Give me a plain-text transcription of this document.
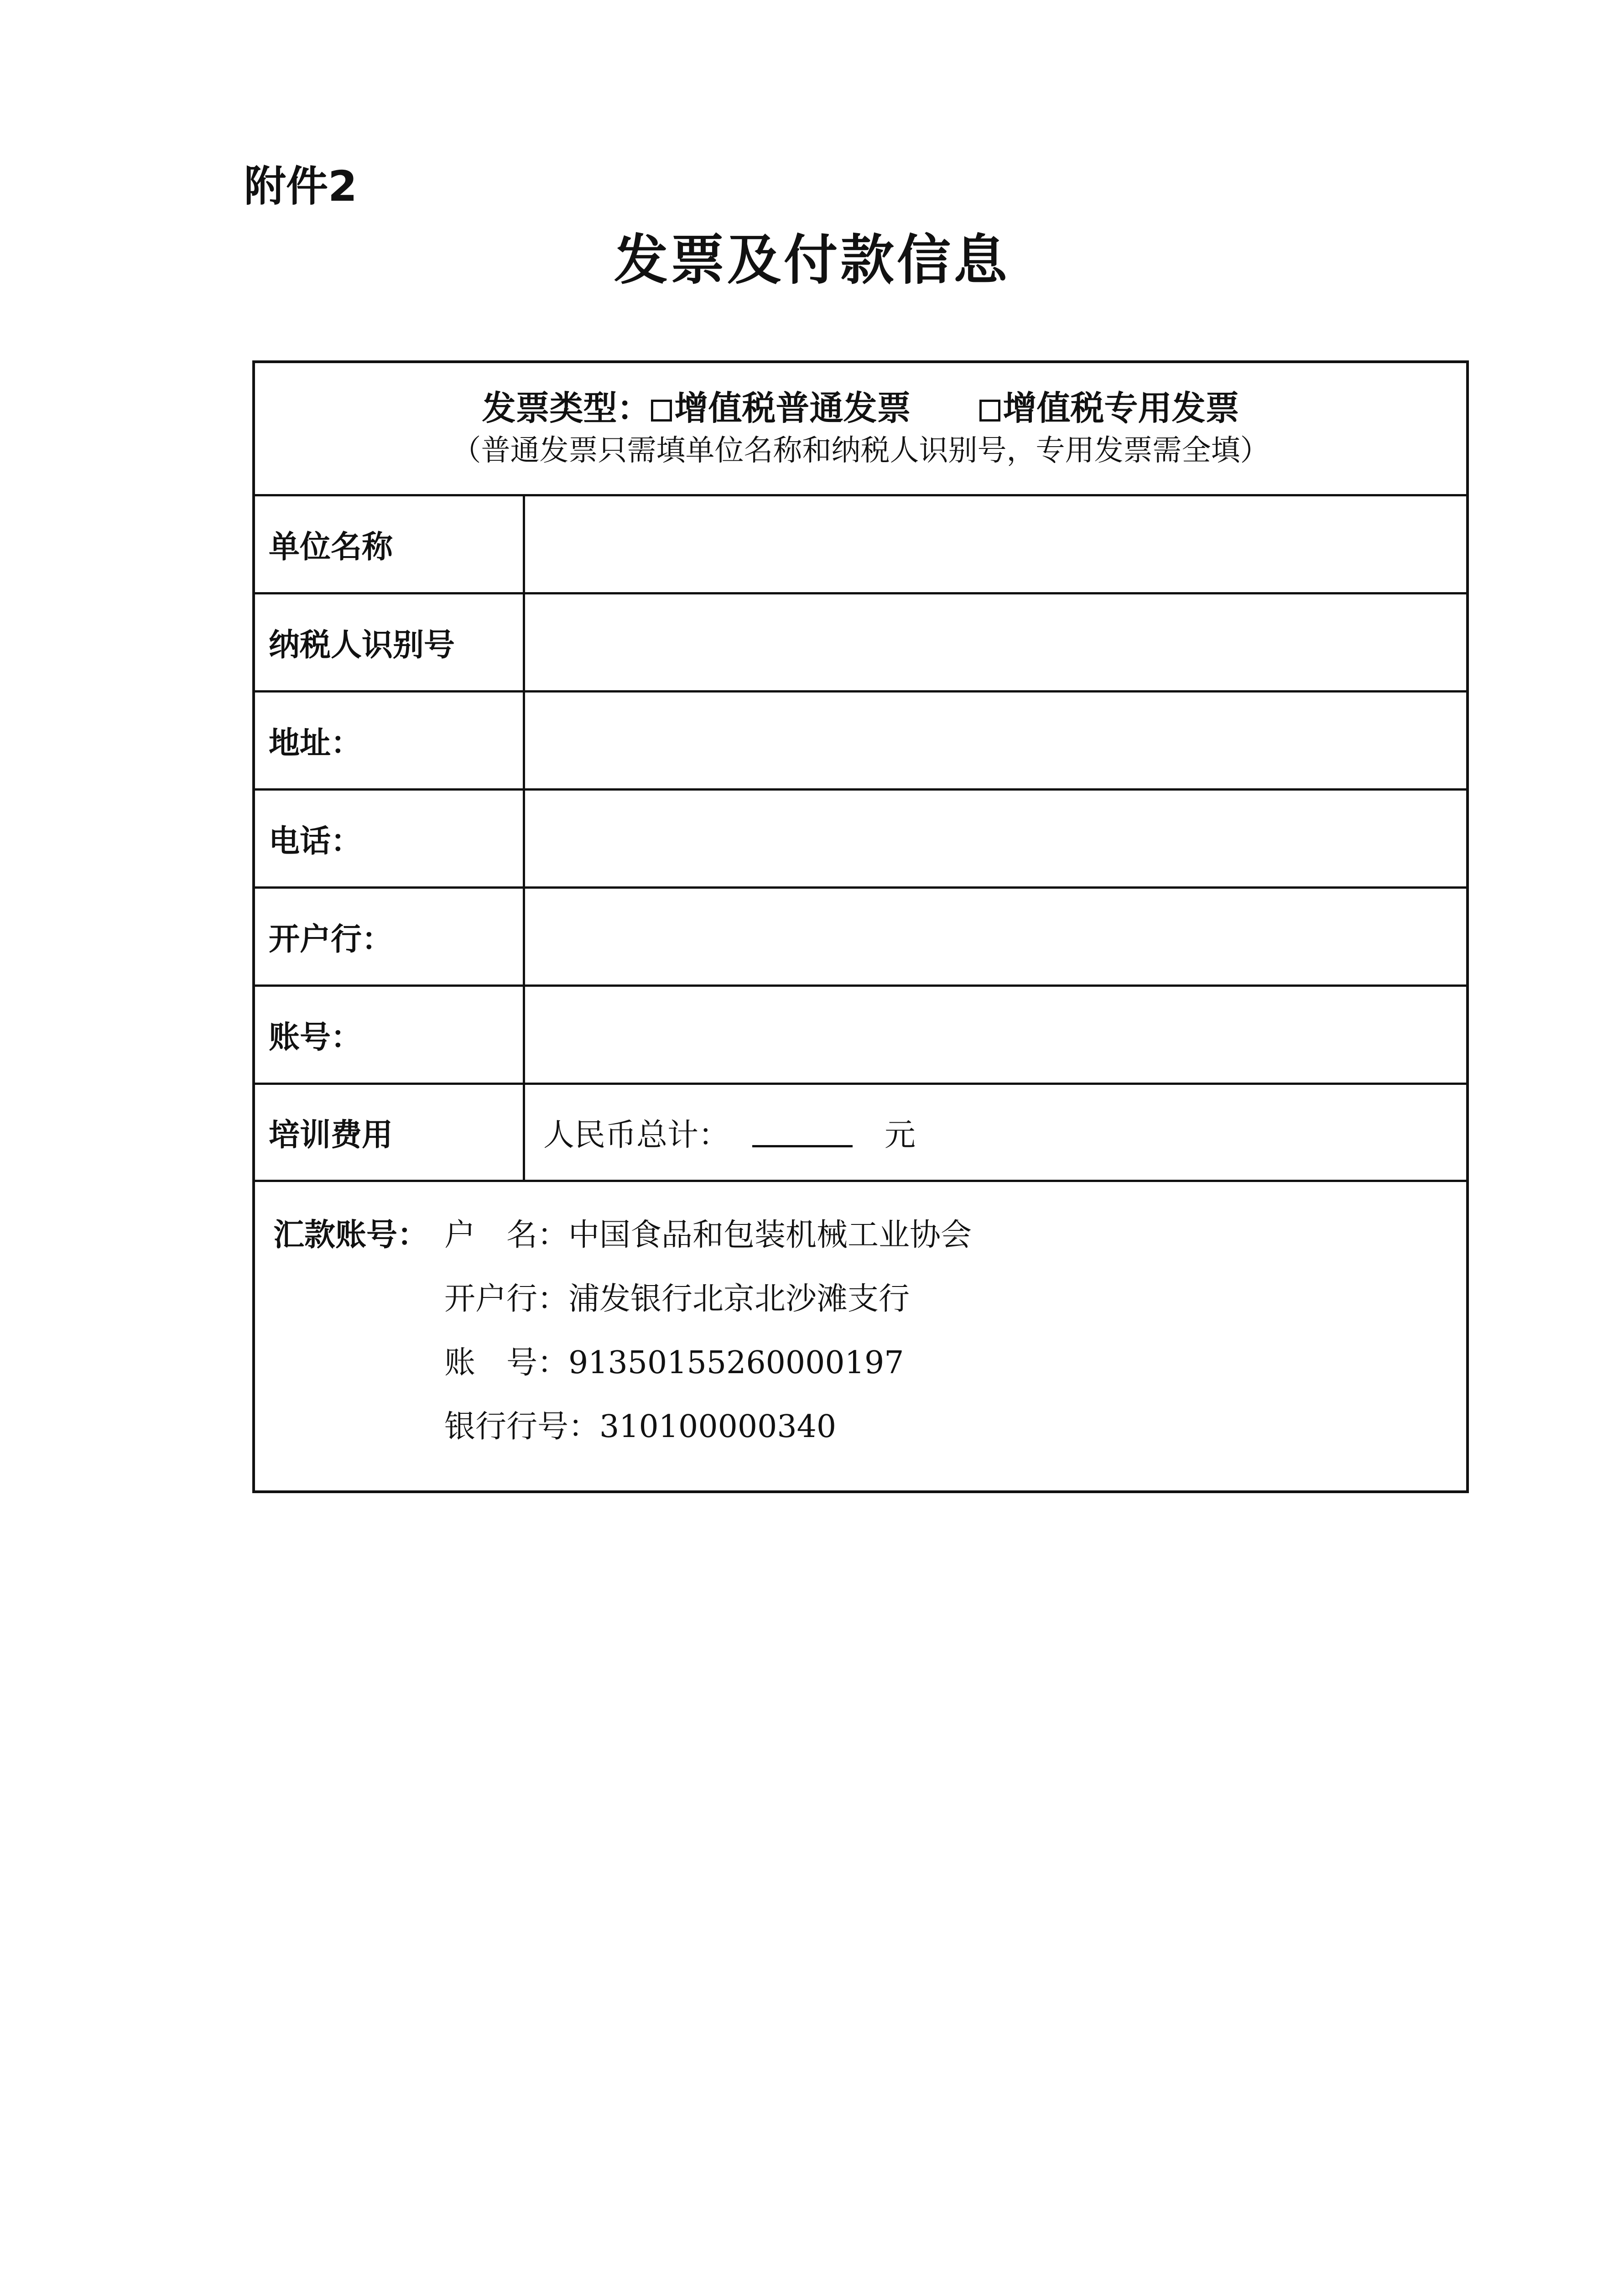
附件2
发票及付款信息
发票类型： 增值税普通发票	增值税专用发票
（普通发票只需填单位名称和纳税人识别号，专用发票需全填）
单位名称
纳税人识别号
地址：
电话：
开户行：
账号：
培训费用	人民币总计：	元
汇款账号： 户　名：中国食品和包装机械工业协会
开户行：浦发银行北京北沙滩支行
账　号：91350155260000197
银行行号：310100000340
